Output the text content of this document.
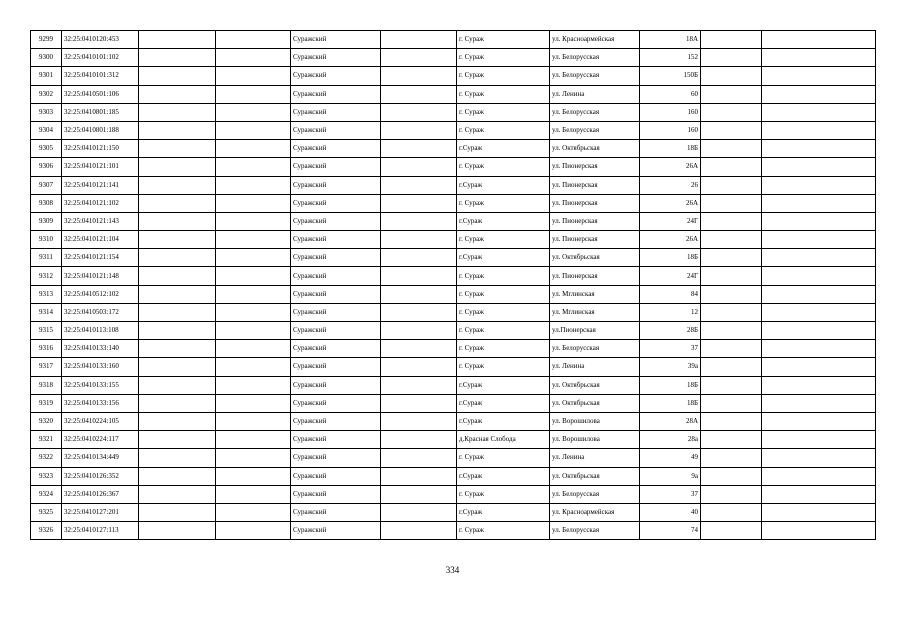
9299	32:25:0410120:453			Суражский		г. Сураж	ул. Красноармейская	18А		
9300	32:25:0410101:102			Суражский		г. Сураж	ул. Белорусская	152		
9301	32:25:0410101:312			Суражский		г. Сураж	ул. Белорусская	150Б		
9302	32:25:0410501:106			Суражский		г. Сураж	ул. Ленина	60		
9303	32:25:0410801:185			Суражский		г. Сураж	ул. Белорусская	160		
9304	32:25:0410801:188			Суражский		г. Сураж	ул. Белорусская	160		
9305	32:25:0410121:150			Суражский		г.Сураж	ул. Октябрьская	18Б		
9306	32:25:0410121:101			Суражский		г. Сураж	ул. Пионерская	26А		
9307	32:25:0410121:141			Суражский		г.Сураж	ул. Пионерская	26		
9308	32:25:0410121:102			Суражский		г. Сураж	ул. Пионерская	26А		
9309	32:25:0410121:143			Суражский		г.Сураж	ул. Пионерская	24Г		
9310	32:25:0410121:104			Суражский		г. Сураж	ул. Пионерская	26А		
9311	32:25:0410121:154			Суражский		г.Сураж	ул. Октябрьская	18Б		
9312	32:25:0410121:148			Суражский		г. Сураж	ул. Пионерская	24Г		
9313	32:25:0410512:102			Суражский		г. Сураж	ул. Мглинская	84		
9314	32:25:0410503:172			Суражский		г. Сураж	ул. Мглинская	12		
9315	32:25:0410113:108			Суражский		г. Сураж	ул.Пионерская	28Б		
9316	32:25:0410133:140			Суражский		г. Сураж	ул. Белорусская	37		
9317	32:25:0410133:160			Суражский		г. Сураж	ул. Ленина	39а		
9318	32:25:0410133:155			Суражский		г.Сураж	ул. Октябрьская	18Б		
9319	32:25:0410133:156			Суражский		г.Сураж	ул. Октябрьская	18Б		
9320	32:25:0410224:105			Суражский		г.Сураж	ул. Ворошилова	28А		
9321	32:25:0410224:117			Суражский		д.Красная Слобода	ул. Ворошилова	28а		
9322	32:25:0410134:449			Суражский		г. Сураж	ул. Ленина	49		
9323	32:25:0410126:352			Суражский		г.Сураж	ул. Октябрьская	9а		
9324	32:25:0410126:367			Суражский		г. Сураж	ул. Белорусская	37		
9325	32:25:0410127:201			Суражский		г.Сураж	ул. Красноармейская	40		
9326	32:25:0410127:113			Суражский		г. Сураж	ул. Белорусская	74		
334
